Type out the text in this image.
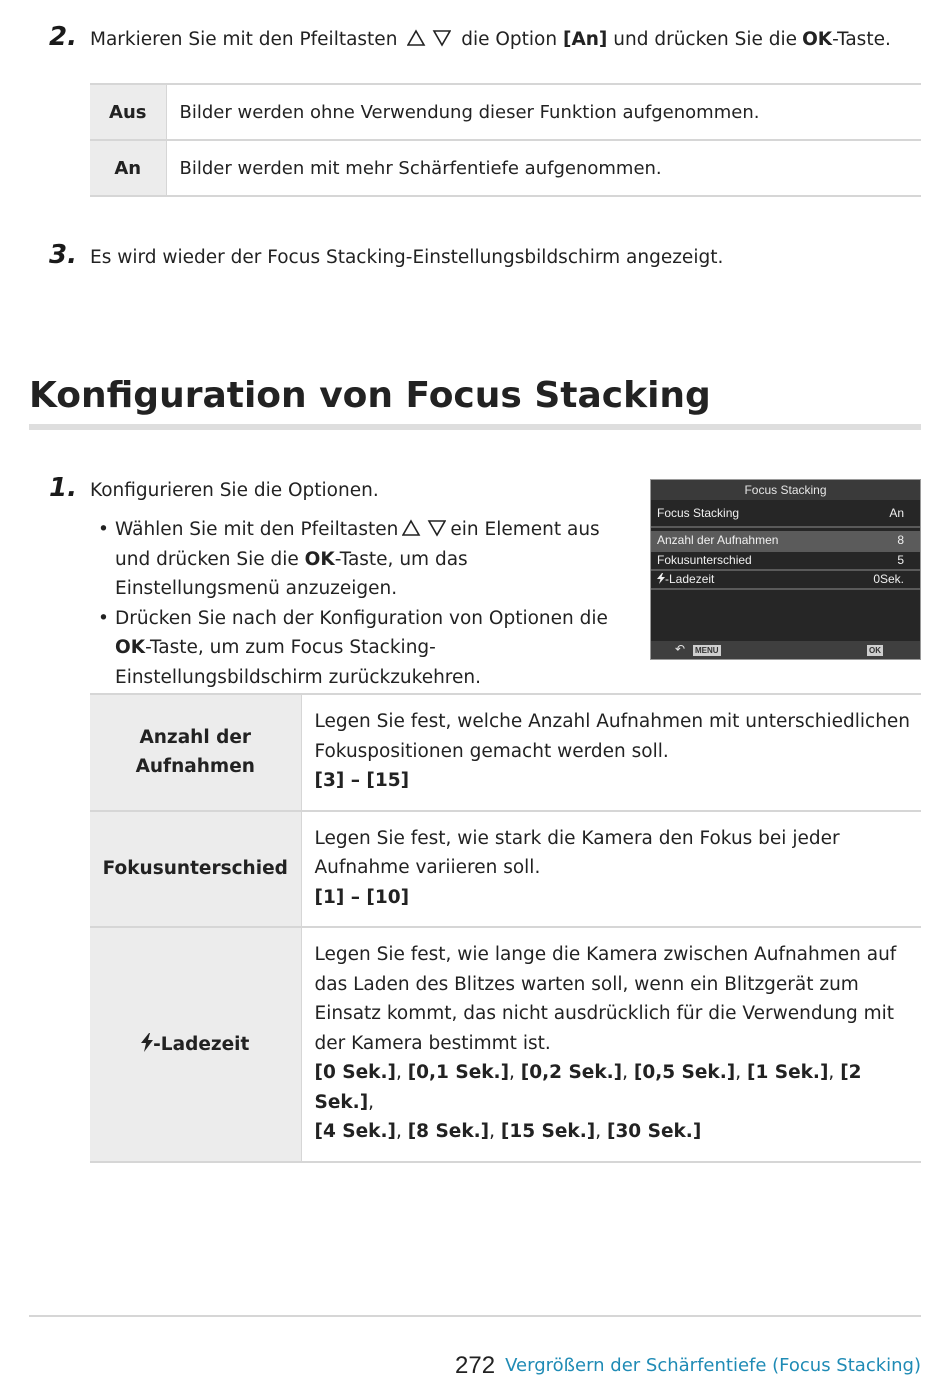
2. Markieren Sie mit den Pfeiltasten	die Option [An] und drücken Sie die OK-Taste.
Aus	Bilder werden ohne Verwendung dieser Funktion aufgenommen.
An	Bilder werden mit mehr Schärfentiefe aufgenommen.
3. Es wird wieder der Focus Stacking-Einstellungsbildschirm angezeigt.
Konfiguration von Focus Stacking
1. Konfigurieren Sie die Optionen.
• Wählen Sie mit den Pfeiltasten	ein Element aus und drücken Sie die OK-Taste, um das Einstellungsmenü anzuzeigen.
• Drücken Sie nach der Konfiguration von Optionen die OK-Taste, um zum Focus Stacking-Einstellungsbildschirm zurückzukehren.
Focus Stacking
Focus Stacking	An
Anzahl der Aufnahmen	8
Fokusunterschied	5
-Ladezeit	0Sek.
↶ MENU	OK
Anzahl der Aufnahmen	Legen Sie fest, welche Anzahl Aufnahmen mit unterschiedlichen Fokuspositionen gemacht werden soll.
[3] – [15]

Fokusunterschied	Legen Sie fest, wie stark die Kamera den Fokus bei jeder Aufnahme variieren soll.
[1] – [10]

-Ladezeit	Legen Sie fest, wie lange die Kamera zwischen Aufnahmen auf das Laden des Blitzes warten soll, wenn ein Blitzgerät zum Einsatz kommt, das nicht ausdrücklich für die Verwendung mit der Kamera bestimmt ist.
[0 Sek.], [0,1 Sek.], [0,2 Sek.], [0,5 Sek.], [1 Sek.], [2 Sek.],
[4 Sek.], [8 Sek.], [15 Sek.], [30 Sek.]
272 Vergrößern der Schärfentiefe (Focus Stacking)
